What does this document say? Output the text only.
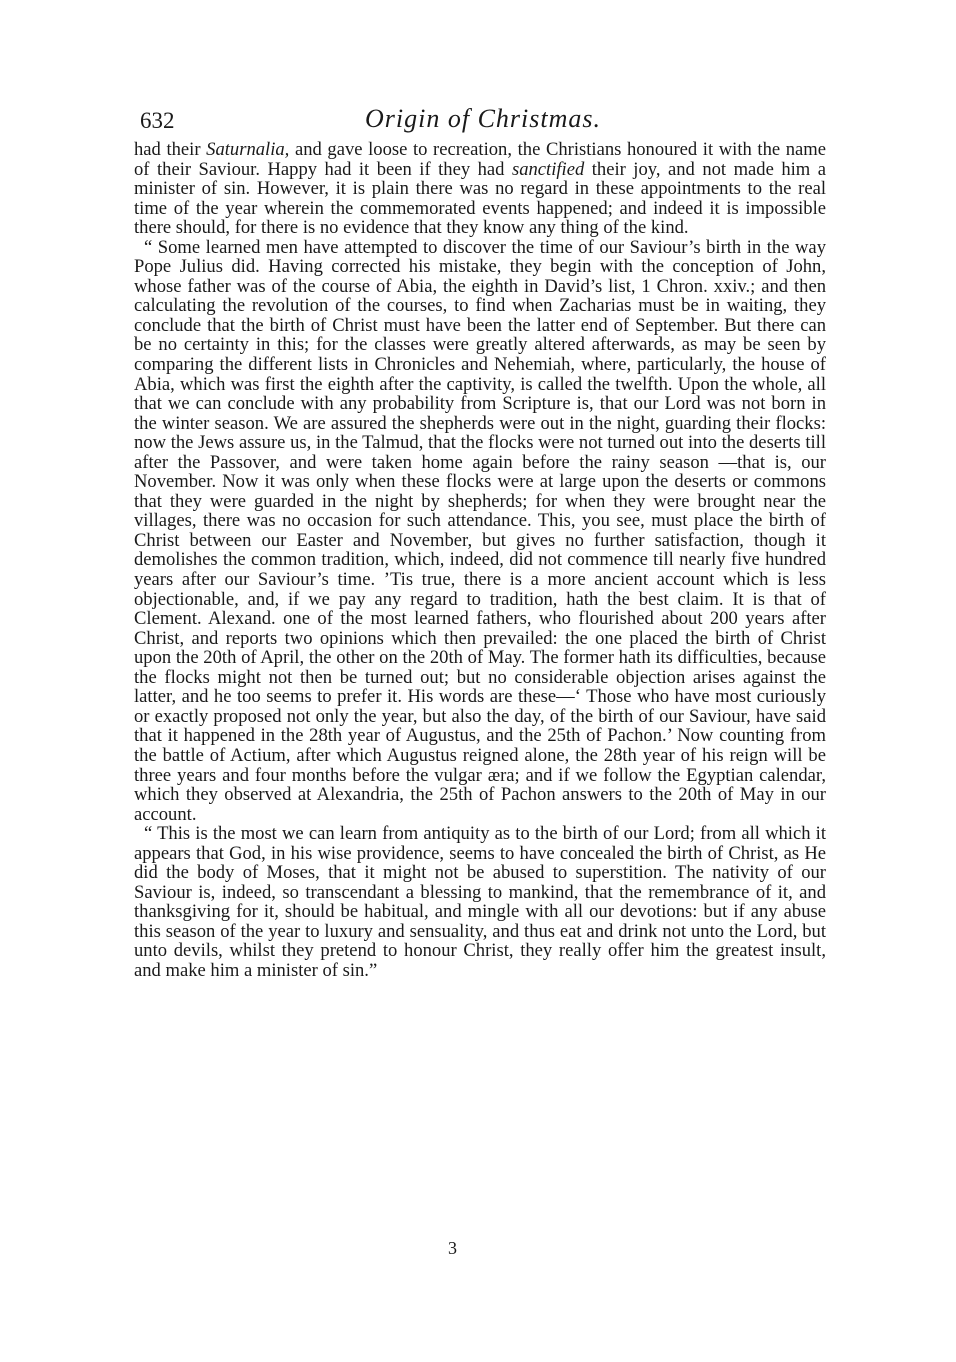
632	Origin of Christmas.

had their Saturnalia, and gave loose to recreation, the Christians honoured it with the name of their Saviour. Happy had it been if they had sanctified their joy, and not made him a minister of sin. However, it is plain there was no regard in these appointments to the real time of the year wherein the commemorated events happened; and indeed it is impossible there should, for there is no evidence that they know any thing of the kind.

“ Some learned men have attempted to discover the time of our Saviour’s birth in the way Pope Julius did. Having corrected his mistake, they begin with the conception of John, whose father was of the course of Abia, the eighth in David’s list, 1 Chron. xxiv.; and then calculating the revolution of the courses, to find when Zacharias must be in waiting, they conclude that the birth of Christ must have been the latter end of September. But there can be no certainty in this; for the classes were greatly altered afterwards, as may be seen by comparing the different lists in Chronicles and Nehemiah, where, particularly, the house of Abia, which was first the eighth after the captivity, is called the twelfth. Upon the whole, all that we can conclude with any probability from Scripture is, that our Lord was not born in the winter season. We are assured the shepherds were out in the night, guarding their flocks: now the Jews assure us, in the Talmud, that the flocks were not turned out into the deserts till after the Passover, and were taken home again before the rainy season —that is, our November. Now it was only when these flocks were at large upon the deserts or commons that they were guarded in the night by shepherds; for when they were brought near the villages, there was no occasion for such attendance. This, you see, must place the birth of Christ between our Easter and November, but gives no further satisfaction, though it demolishes the common tradition, which, indeed, did not commence till nearly five hundred years after our Saviour’s time. ’Tis true, there is a more ancient account which is less objectionable, and, if we pay any regard to tradition, hath the best claim. It is that of Clement. Alexand. one of the most learned fathers, who flourished about 200 years after Christ, and reports two opinions which then prevailed: the one placed the birth of Christ upon the 20th of April, the other on the 20th of May. The former hath its difficulties, because the flocks might not then be turned out; but no considerable objection arises against the latter, and he too seems to prefer it. His words are these—‘ Those who have most curiously or exactly proposed not only the year, but also the day, of the birth of our Saviour, have said that it happened in the 28th year of Augustus, and the 25th of Pachon.’ Now counting from the battle of Actium, after which Augustus reigned alone, the 28th year of his reign will be three years and four months before the vulgar æra; and if we follow the Egyptian calendar, which they observed at Alexandria, the 25th of Pachon answers to the 20th of May in our account.

“ This is the most we can learn from antiquity as to the birth of our Lord; from all which it appears that God, in his wise providence, seems to have concealed the birth of Christ, as He did the body of Moses, that it might not be abused to superstition. The nativity of our Saviour is, indeed, so transcendant a blessing to mankind, that the remembrance of it, and thanksgiving for it, should be habitual, and mingle with all our devotions: but if any abuse this season of the year to luxury and sensuality, and thus eat and drink not unto the Lord, but unto devils, whilst they pretend to honour Christ, they really offer him the greatest insult, and make him a minister of sin.”

3
